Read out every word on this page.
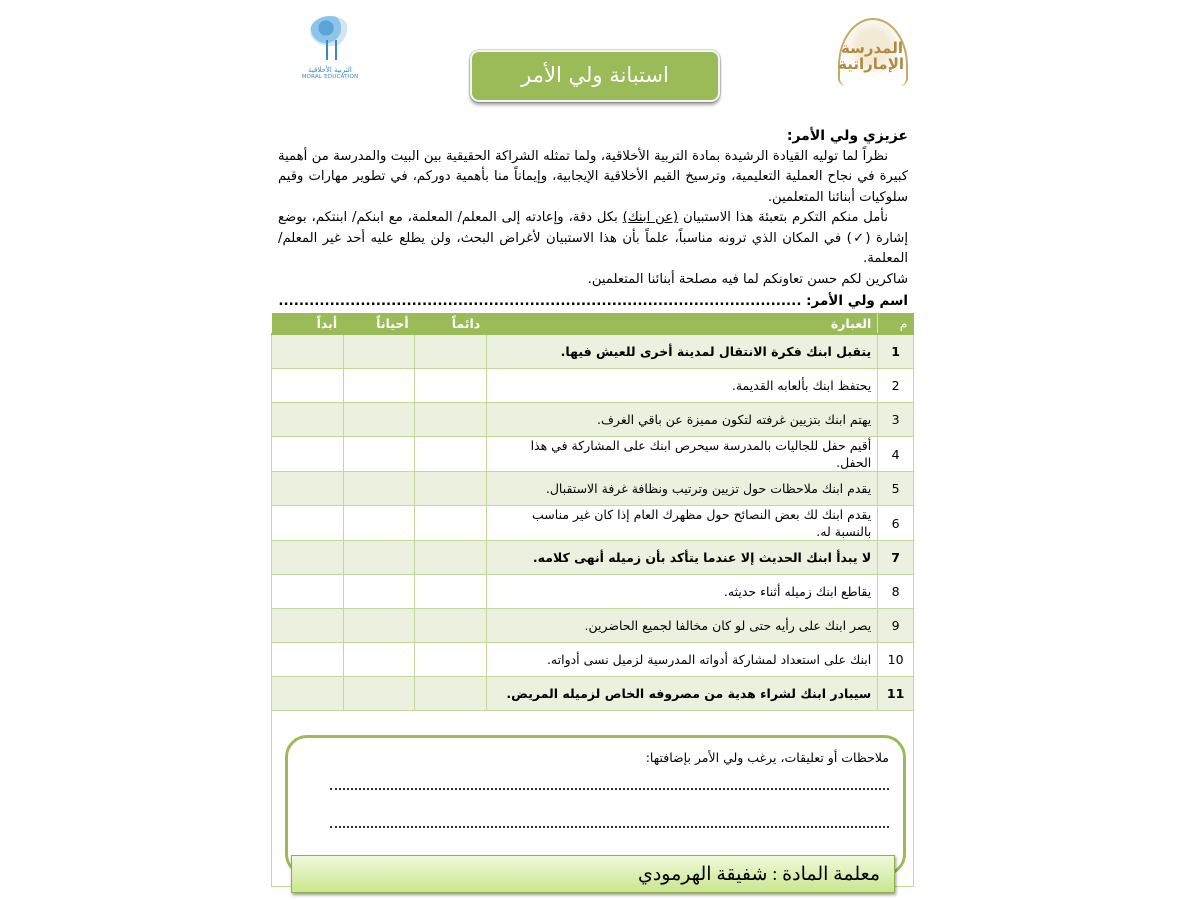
التربية الأخلاقية
MORAL EDUCATION
المدرسة
الإماراتية
استبانة ولي الأمر

عزيزي ولي الأمر:

نظراً لما توليه القيادة الرشيدة بمادة التربية الأخلاقية، ولما تمثله الشراكة الحقيقية بين البيت والمدرسة من أهمية كبيرة في نجاح العملية التعليمية، وترسيخ القيم الأخلاقية الإيجابية، وإيماناً منا بأهمية دوركم، في تطوير مهارات وقيم سلوكيات أبنائنا المتعلمين.

نأمل منكم التكرم بتعبئة هذا الاستبيان (عن ابنك) بكل دقة، وإعادته إلى المعلم/ المعلمة، مع ابنكم/ ابنتكم، بوضع إشارة (✓) في المكان الذي ترونه مناسباً، علماً بأن هذا الاستبيان لأغراض البحث، ولن يطلع عليه أحد غير المعلم/المعلمة.

شاكرين لكم حسن تعاونكم لما فيه مصلحة أبنائنا المتعلمين.

اسم ولي الأمر: ......................................................................................................
م	العبارة	دائماً	أحياناً	أبداً
1	يتقبل ابنك فكرة الانتقال لمدينة أخرى للعيش فيها.			
2	يحتفظ ابنك بألعابه القديمة.			
3	يهتم ابنك بتزيين غرفته لتكون مميزة عن باقي الغرف.			
4	أقيم حفل للجاليات بالمدرسة سيحرص ابنك على المشاركة في هذا الحفل.			
5	يقدم ابنك ملاحظات حول تزيين وترتيب ونظافة غرفة الاستقبال.			
6	يقدم ابنك لك بعض النصائح حول مظهرك العام إذا كان غير مناسب بالنسبة له.			
7	لا يبدأ ابنك الحديث إلا عندما يتأكد بأن زميله أنهى كلامه.			
8	يقاطع ابنك زميله أثناء حديثه.			
9	يصر ابنك على رأيه حتى لو كان مخالفا لجميع الحاضرين.			
10	ابنك على استعداد لمشاركة أدواته المدرسية لزميل نسى أدواته.			
11	سيبادر ابنك لشراء هدية من مصروفه الخاص لزميله المريض.			

ملاحظات أو تعليقات، يرغب ولي الأمر بإضافتها:
معلمة المادة : شفيقة الهرمودي
